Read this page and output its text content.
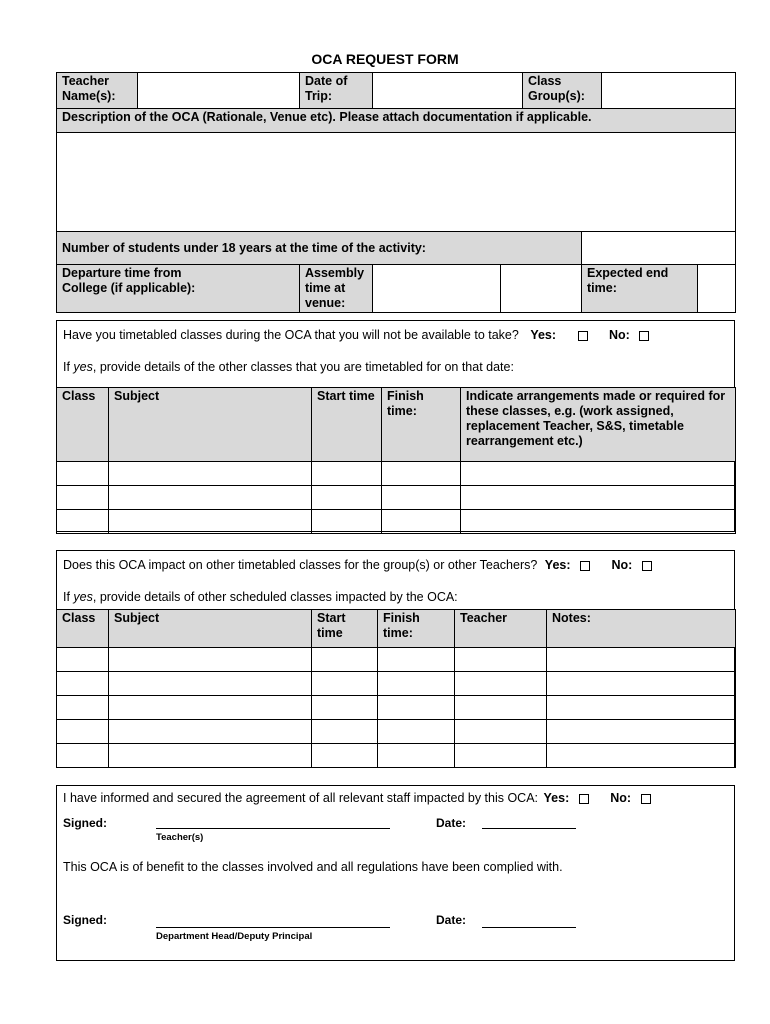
OCA REQUEST FORM
Teacher Name(s):		Date of Trip:			Class Group(s):			
Description of the OCA (Rationale, Venue etc). Please attach documentation if applicable.								

Number of students under 18 years at the time of the activity:								

Departure time from College (if applicable):		Assembly time at venue:				Expected end time:		
Have you timetabled classes during the OCA that you will not be available to take? Yes:	No:
If yes, provide details of the other classes that you are timetabled for on that date:
Class	Subject	Start time	Finish time:	Indicate arrangements made or required for these classes, e.g. (work assigned, replacement Teacher, S&S, timetable rearrangement etc.)

Does this OCA impact on other timetabled classes for the group(s) or other Teachers? Yes:	No:
If yes, provide details of other scheduled classes impacted by the OCA:
Class	Subject	Start time	Finish time:	Teacher	Notes:

I have informed and secured the agreement of all relevant staff impacted by this OCA: Yes:	No:
Signed:
Teacher(s)
Date:
This OCA is of benefit to the classes involved and all regulations have been complied with.
Signed:
Department Head/Deputy Principal
Date:
